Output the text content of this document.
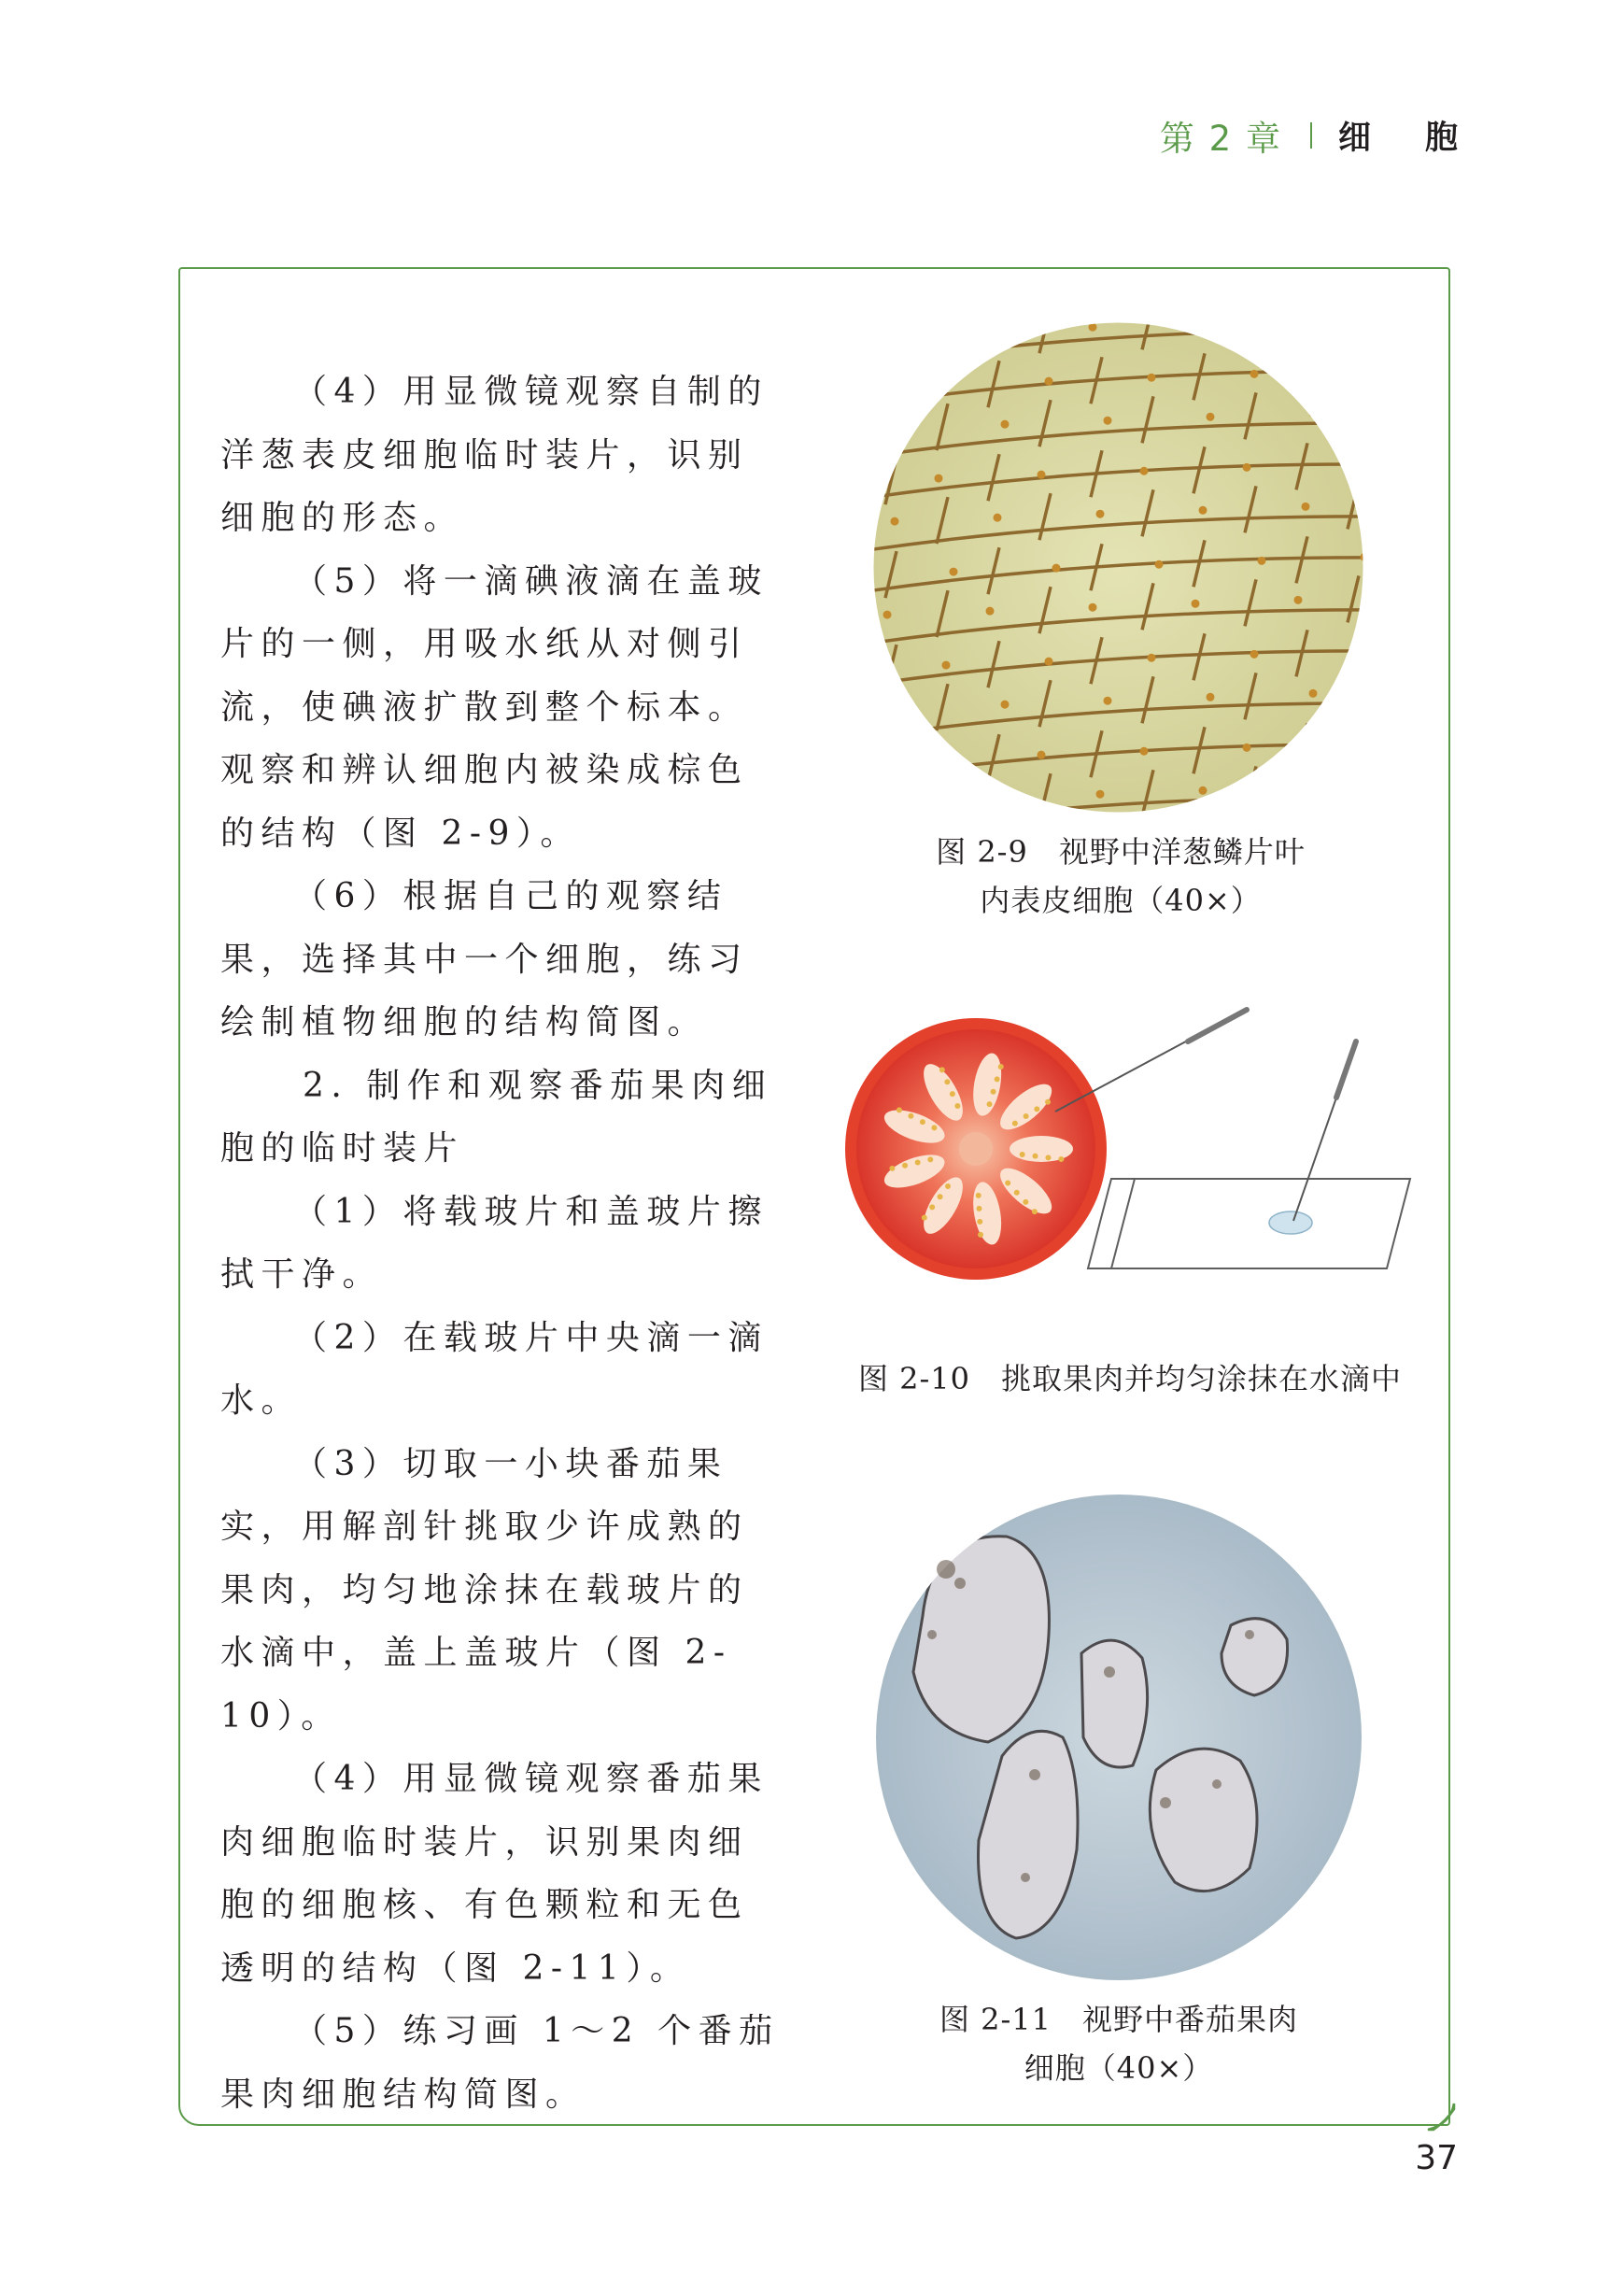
第 2 章 细胞

（4）用显微镜观察自制的洋葱表皮细胞临时装片，识别细胞的形态。

（5）将一滴碘液滴在盖玻片的一侧，用吸水纸从对侧引流，使碘液扩散到整个标本。观察和辨认细胞内被染成棕色的结构（图 2-9）。

（6）根据自己的观察结果，选择其中一个细胞，练习绘制植物细胞的结构简图。

2. 制作和观察番茄果肉细胞的临时装片

（1）将载玻片和盖玻片擦拭干净。

（2）在载玻片中央滴一滴水。

（3）切取一小块番茄果实，用解剖针挑取少许成熟的果肉，均匀地涂抹在载玻片的水滴中，盖上盖玻片（图 2-10）。

（4）用显微镜观察番茄果肉细胞临时装片，识别果肉细胞的细胞核、有色颗粒和无色透明的结构（图 2-11）。

（5）练习画 1～2 个番茄果肉细胞结构简图。

图 2-9　视野中洋葱鳞片叶
内表皮细胞（40×）
图 2-10　挑取果肉并均匀涂抹在水滴中
图 2-11　视野中番茄果肉
细胞（40×）
37
